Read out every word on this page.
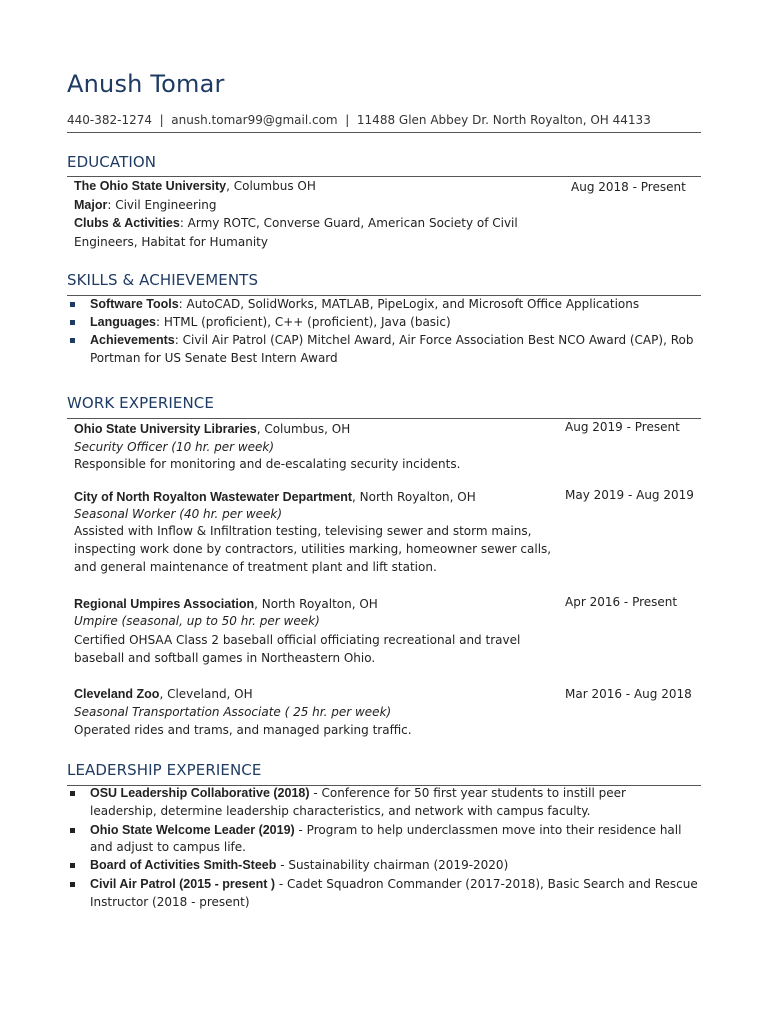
Anush Tomar
440-382-1274  |  anush.tomar99@gmail.com  |  11488 Glen Abbey Dr. North Royalton, OH 44133
EDUCATION
The Ohio State University, Columbus OH	Aug 2018 - Present
Major: Civil Engineering
Clubs & Activities: Army ROTC, Converse Guard, American Society of Civil
Engineers, Habitat for Humanity
SKILLS & ACHIEVEMENTS
Software Tools: AutoCAD, SolidWorks, MATLAB, PipeLogix, and Microsoft Office Applications
Languages: HTML (proficient), C++ (proficient), Java (basic)
Achievements: Civil Air Patrol (CAP) Mitchel Award, Air Force Association Best NCO Award (CAP), Rob
Portman for US Senate Best Intern Award
WORK EXPERIENCE
Ohio State University Libraries, Columbus, OH	Aug 2019 - Present
Security Officer (10 hr. per week)
Responsible for monitoring and de-escalating security incidents.
City of North Royalton Wastewater Department, North Royalton, OH	May 2019 - Aug 2019
Seasonal Worker (40 hr. per week)
Assisted with Inflow & Infiltration testing, televising sewer and storm mains,
inspecting work done by contractors, utilities marking, homeowner sewer calls,
and general maintenance of treatment plant and lift station.
Regional Umpires Association, North Royalton, OH	Apr 2016 - Present
Umpire (seasonal, up to 50 hr. per week)
Certified OHSAA Class 2 baseball official officiating recreational and travel
baseball and softball games in Northeastern Ohio.
Cleveland Zoo, Cleveland, OH	Mar 2016 - Aug 2018
Seasonal Transportation Associate ( 25 hr. per week)
Operated rides and trams, and managed parking traffic.
LEADERSHIP EXPERIENCE
OSU Leadership Collaborative (2018) - Conference for 50 first year students to instill peer
leadership, determine leadership characteristics, and network with campus faculty.
Ohio State Welcome Leader (2019) - Program to help underclassmen move into their residence hall
and adjust to campus life.
Board of Activities Smith-Steeb - Sustainability chairman (2019-2020)
Civil Air Patrol (2015 - present ) - Cadet Squadron Commander (2017-2018), Basic Search and Rescue
Instructor (2018 - present)
